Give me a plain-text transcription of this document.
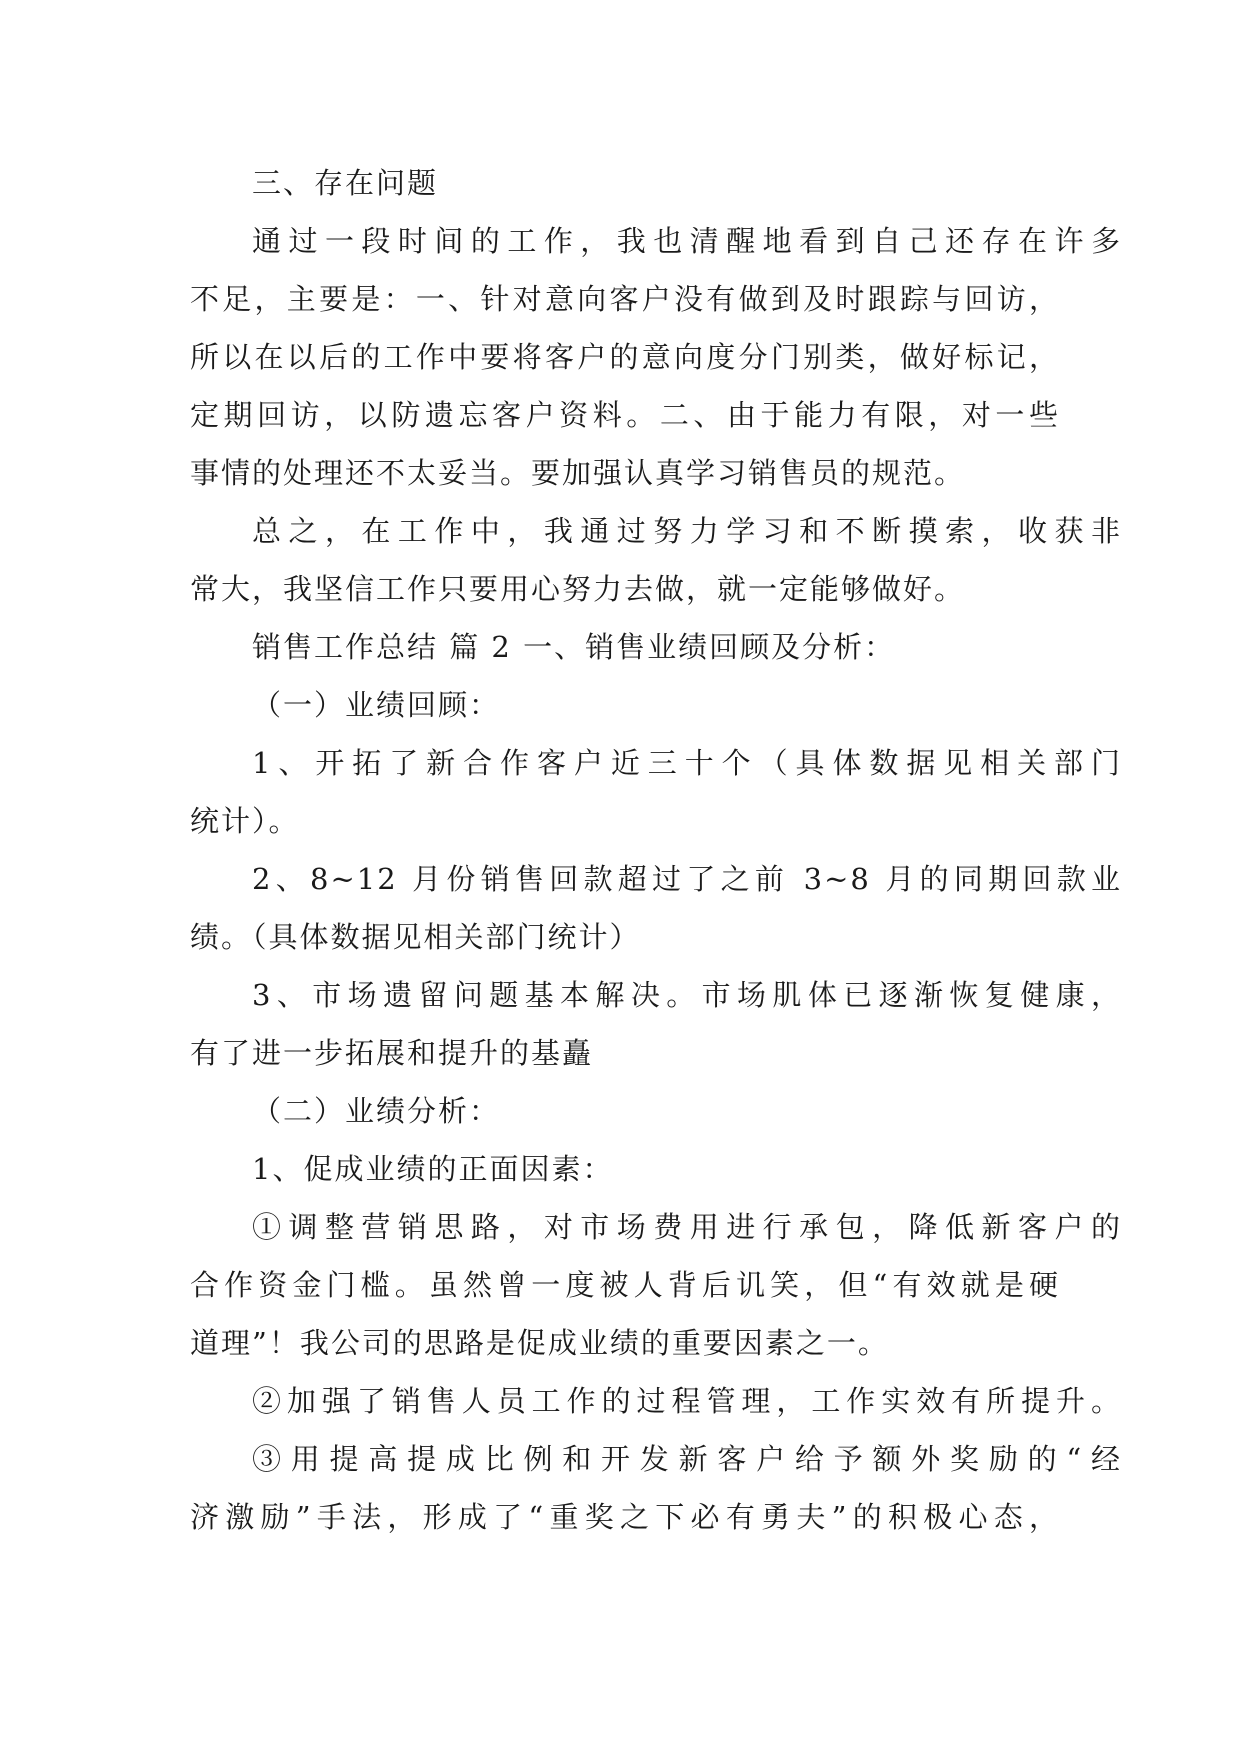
三、存在问题
通过一段时间的工作，我也清醒地看到自己还存在许多
不足，主要是：一、针对意向客户没有做到及时跟踪与回访，
所以在以后的工作中要将客户的意向度分门别类，做好标记，
定期回访，以防遗忘客户资料。二、由于能力有限，对一些
事情的处理还不太妥当。要加强认真学习销售员的规范。
总之，在工作中，我通过努力学习和不断摸索，收获非
常大，我坚信工作只要用心努力去做，就一定能够做好。
销售工作总结 篇 2 一、销售业绩回顾及分析：
（一）业绩回顾：
1、开拓了新合作客户近三十个（具体数据见相关部门
统计）。
2、8~12 月份销售回款超过了之前 3~8 月的同期回款业
绩。（具体数据见相关部门统计）
3、市场遗留问题基本解决。市场肌体已逐渐恢复健康，
有了进一步拓展和提升的基矗
（二）业绩分析：
1、促成业绩的正面因素：
①调整营销思路，对市场费用进行承包，降低新客户的
合作资金门槛。虽然曾一度被人背后讥笑，但“有效就是硬
道理”！我公司的思路是促成业绩的重要因素之一。
②加强了销售人员工作的过程管理，工作实效有所提升。
③用提高提成比例和开发新客户给予额外奖励的“经
济激励”手法，形成了“重奖之下必有勇夫”的积极心态，
